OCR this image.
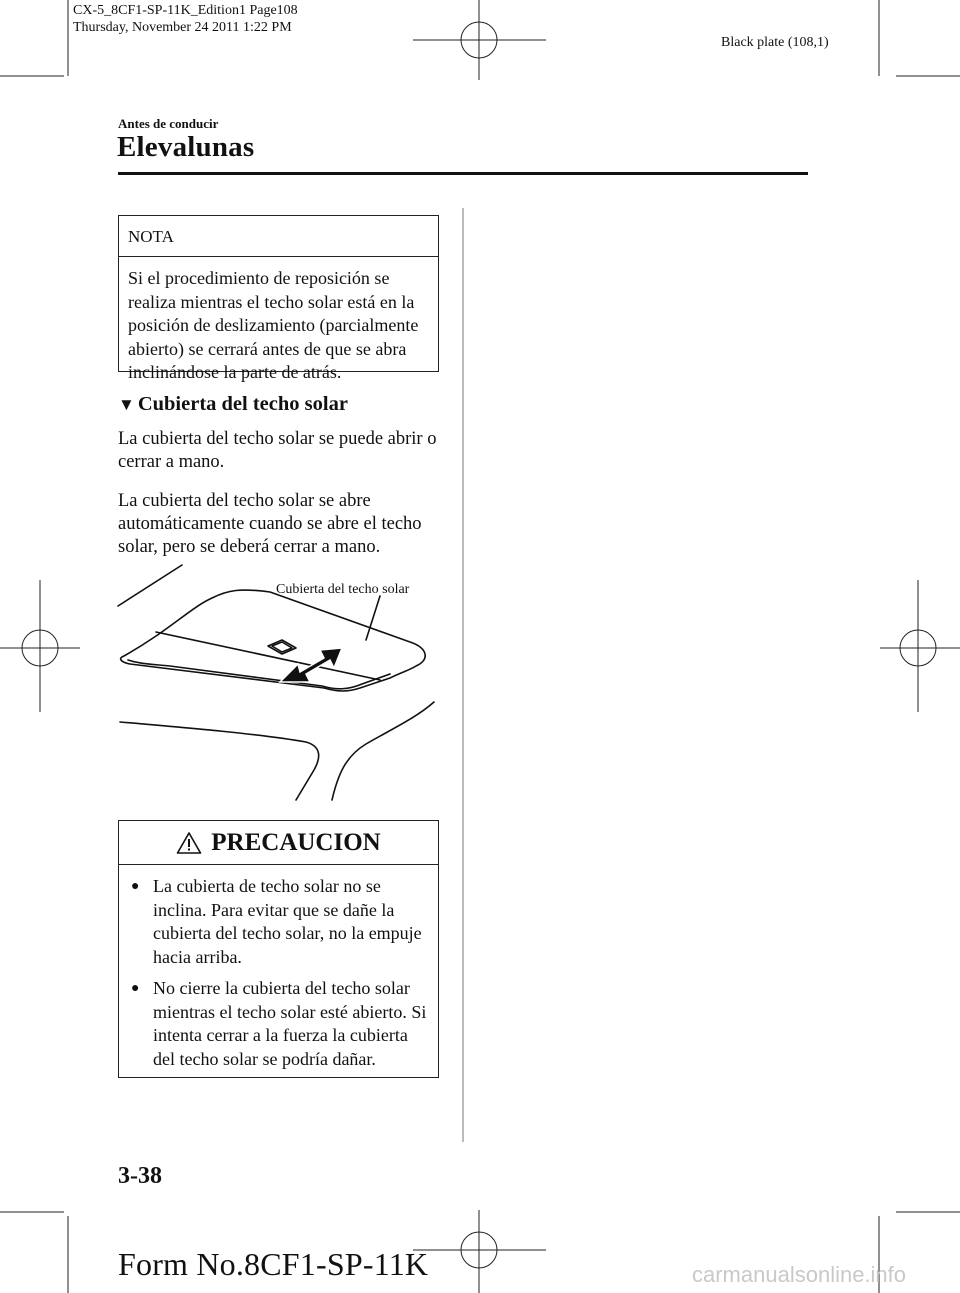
CX-5_8CF1-SP-11K_Edition1 Page108
Thursday, November 24 2011 1:22 PM
Black plate (108,1)
Antes de conducir
Elevalunas
NOTA
Si el procedimiento de reposición se realiza mientras el techo solar está en la posición de deslizamiento (parcialmente abierto) se cerrará antes de que se abra inclinándose la parte de atrás.
▼ Cubierta del techo solar
La cubierta del techo solar se puede abrir o cerrar a mano.
La cubierta del techo solar se abre automáticamente cuando se abre el techo solar, pero se deberá cerrar a mano.
Cubierta del techo solar
PRECAUCION
● La cubierta de techo solar no se inclina. Para evitar que se dañe la cubierta del techo solar, no la empuje hacia arriba.
● No cierre la cubierta del techo solar mientras el techo solar esté abierto. Si intenta cerrar a la fuerza la cubierta del techo solar se podría dañar.
3-38
Form No.8CF1-SP-11K	carmanualsonline.info
